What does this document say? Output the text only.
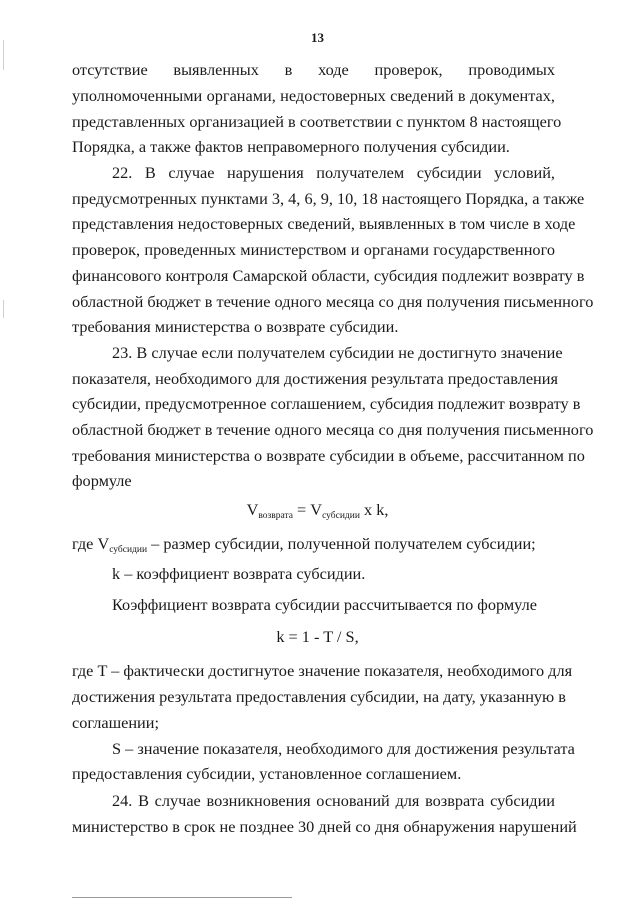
13
отсутствие выявленных в ходе проверок, проводимых
уполномоченными органами, недостоверных сведений в документах,
представленных организацией в соответствии с пунктом 8 настоящего
Порядка, а также фактов неправомерного получения субсидии.
22. В случае нарушения получателем субсидии условий,
предусмотренных пунктами 3, 4, 6, 9, 10, 18 настоящего Порядка, а также
представления недостоверных сведений, выявленных в том числе в ходе
проверок, проведенных министерством и органами государственного
финансового контроля Самарской области, субсидия подлежит возврату в
областной бюджет в течение одного месяца со дня получения письменного
требования министерства о возврате субсидии.
23. В случае если получателем субсидии не достигнуто значение
показателя, необходимого для достижения результата предоставления
субсидии, предусмотренное соглашением, субсидия подлежит возврату в
областной бюджет в течение одного месяца со дня получения письменного
требования министерства о возврате субсидии в объеме, рассчитанном по
формуле
$V_{возврата} = V_{субсидии}$ x k,
где $V_{субсидии}$ – размер субсидии, полученной получателем субсидии;
k – коэффициент возврата субсидии.
Коэффициент возврата субсидии рассчитывается по формуле
k = 1 - T / S,
где T – фактически достигнутое значение показателя, необходимого для
достижения результата предоставления субсидии, на дату, указанную в
соглашении;
S – значение показателя, необходимого для достижения результата
предоставления субсидии, установленное соглашением.
24. В случае возникновения оснований для возврата субсидии
министерство в срок не позднее 30 дней со дня обнаружения нарушений
